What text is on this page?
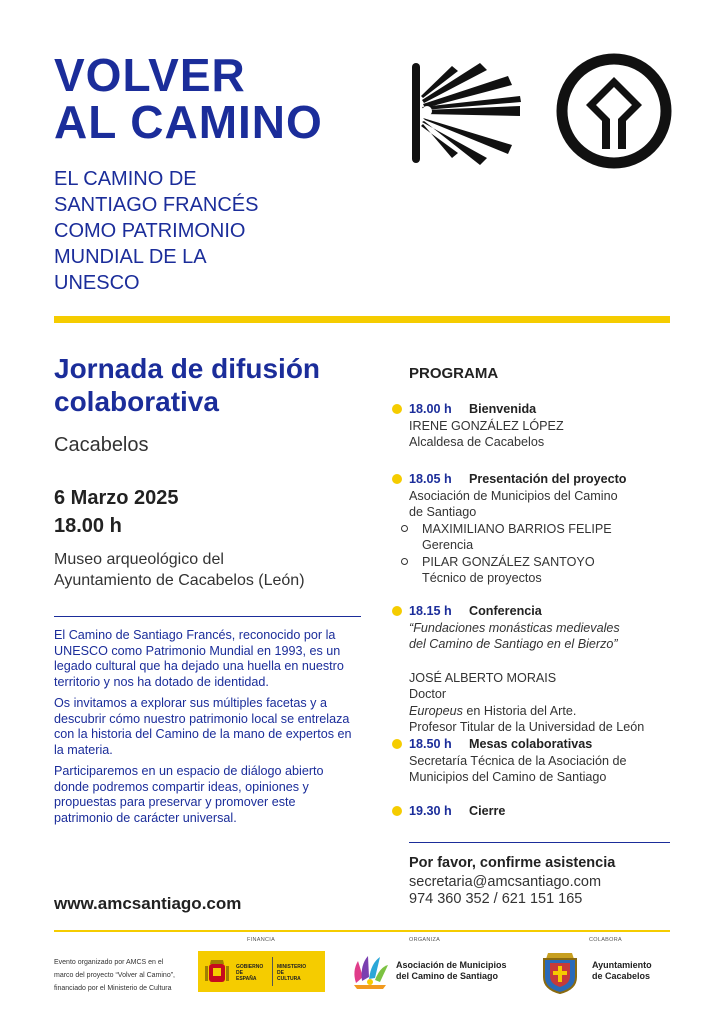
VOLVER
AL CAMINO
EL CAMINO DE
SANTIAGO FRANCÉS
COMO PATRIMONIO
MUNDIAL DE LA
UNESCO
Jornada de difusión
colaborativa
Cacabelos
6 Marzo 2025
18.00 h
Museo arqueológico del
Ayuntamiento de Cacabelos (León)

El Camino de Santiago Francés, reconocido por la UNESCO como Patrimonio Mundial en 1993, es un legado cultural que ha dejado una huella en nuestro territorio y nos ha dotado de identidad.

Os invitamos a explorar sus múltiples facetas y a descubrir cómo nuestro patrimonio local se entrelaza con la historia del Camino de la mano de expertos en la materia.

Participaremos en un espacio de diálogo abierto donde podremos compartir ideas, opiniones y propuestas para preservar y promover este patrimonio de carácter universal.

www.amcsantiago.com
PROGRAMA
18.00 h Bienvenida
IRENE GONZÁLEZ LÓPEZ
Alcaldesa de Cacabelos
18.05 h Presentación del proyecto
Asociación de Municipios del Camino
de Santiago
MAXIMILIANO BARRIOS FELIPE
Gerencia
PILAR GONZÁLEZ SANTOYO
Técnico de proyectos
18.15 h Conferencia
“Fundaciones monásticas medievales
del Camino de Santiago en el Bierzo”
JOSÉ ALBERTO MORAIS
Doctor
Europeus en Historia del Arte.
Profesor Titular de la Universidad de León
18.50 h Mesas colaborativas
Secretaría Técnica de la Asociación de
Municipios del Camino de Santiago
19.30 h Cierre
Por favor, confirme asistencia
secretaria@amcsantiago.com
974 360 352 / 621 151 165
FINANCIA	ORGANIZA	COLABORA
Evento organizado por AMCS en el
marco del proyecto “Volver al Camino”,
financiado por el Ministerio de Cultura
GOBIERNO
DE
ESPAÑA
MINISTERIO
DE
CULTURA
Asociación de Municipios
del Camino de Santiago
Ayuntamiento
de Cacabelos
